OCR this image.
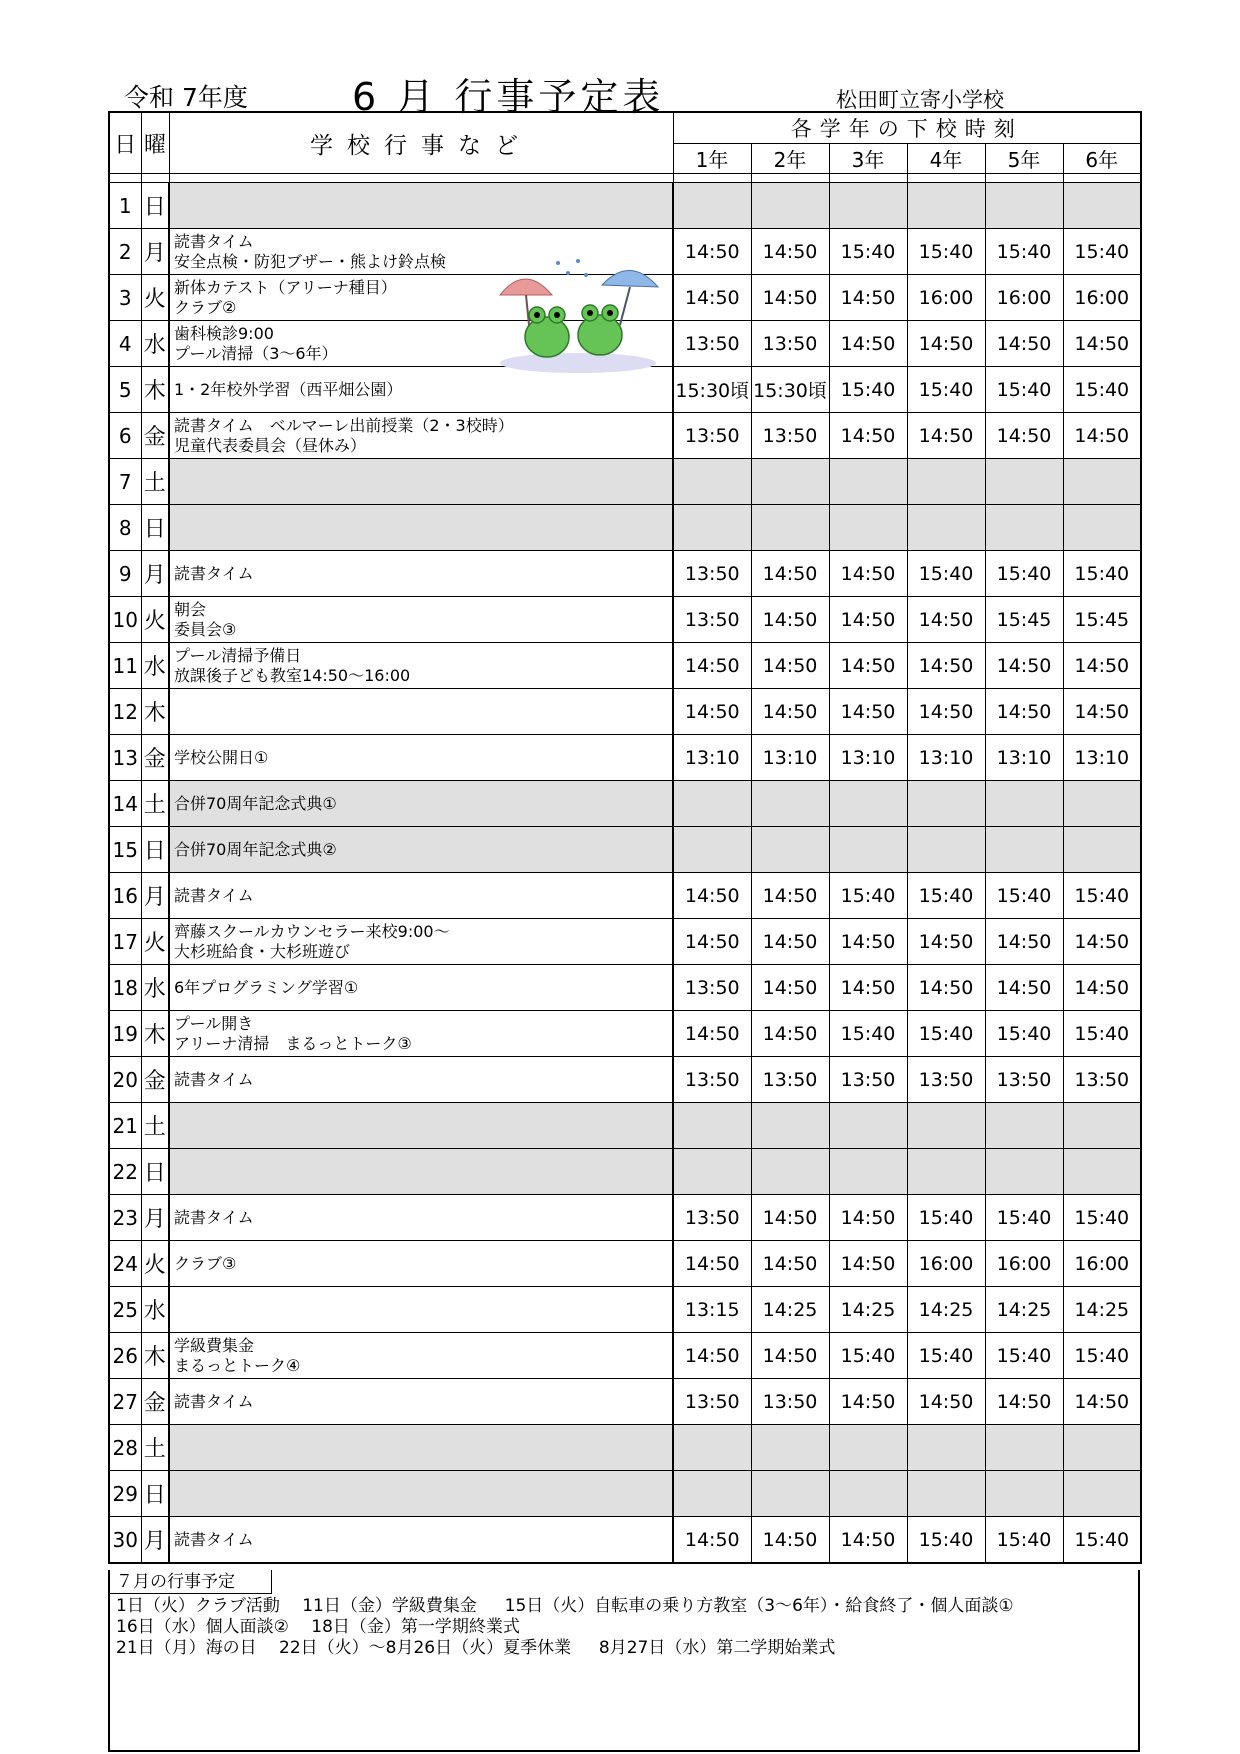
令和 7年度	6 月 行事予定表	松田町立寄小学校
日	曜	学校行事など	各学年の下校時刻					
			1年	2年	3年	4年	5年	6年

1	日	

2	月	読書タイム
安全点検・防犯ブザー・熊よけ鈴点検	14:50	14:50	15:40	15:40	15:40	15:40
3	火	新体カテスト（アリーナ種目）
クラブ②	14:50	14:50	14:50	16:00	16:00	16:00
4	水	歯科検診9:00
プール清掃（3～6年）	13:50	13:50	14:50	14:50	14:50	14:50
5	木	1・2年校外学習（西平畑公園）	15:30頃	15:30頃	15:40	15:40	15:40	15:40
6	金	読書タイム　ベルマーレ出前授業（2・3校時）
児童代表委員会（昼休み）	13:50	13:50	14:50	14:50	14:50	14:50
7	土	

8	日	

9	月	読書タイム	13:50	14:50	14:50	15:40	15:40	15:40
10	火	朝会
委員会③	13:50	14:50	14:50	14:50	15:45	15:45
11	水	プール清掃予備日
放課後子ども教室14:50～16:00	14:50	14:50	14:50	14:50	14:50	14:50
12	木		14:50	14:50	14:50	14:50	14:50	14:50
13	金	学校公開日①	13:10	13:10	13:10	13:10	13:10	13:10
14	土	合併70周年記念式典①						

15	日	合併70周年記念式典②						

16	月	読書タイム	14:50	14:50	15:40	15:40	15:40	15:40
17	火	齊藤スクールカウンセラー来校9:00～
大杉班給食・大杉班遊び	14:50	14:50	14:50	14:50	14:50	14:50
18	水	6年プログラミング学習①	13:50	14:50	14:50	14:50	14:50	14:50
19	木	プール開き
アリーナ清掃　まるっとトーク③	14:50	14:50	15:40	15:40	15:40	15:40
20	金	読書タイム	13:50	13:50	13:50	13:50	13:50	13:50
21	土	

22	日	

23	月	読書タイム	13:50	14:50	14:50	15:40	15:40	15:40
24	火	クラブ③	14:50	14:50	14:50	16:00	16:00	16:00
25	水		13:15	14:25	14:25	14:25	14:25	14:25
26	木	学級費集金
まるっとトーク④	14:50	14:50	15:40	15:40	15:40	15:40
27	金	読書タイム	13:50	13:50	14:50	14:50	14:50	14:50
28	土	

29	日	

30	月	読書タイム	14:50	14:50	14:50	15:40	15:40	15:40
７月の行事予定
1日（火）クラブ活動　 11日（金）学級費集金 　 15日（火）自転車の乗り方教室（3～6年）・給食終了・個人面談①
16日（水）個人面談②　 18日（金）第一学期終業式
21日（月）海の日　 22日（火）～8月26日（火）夏季休業 　 8月27日（水）第二学期始業式
